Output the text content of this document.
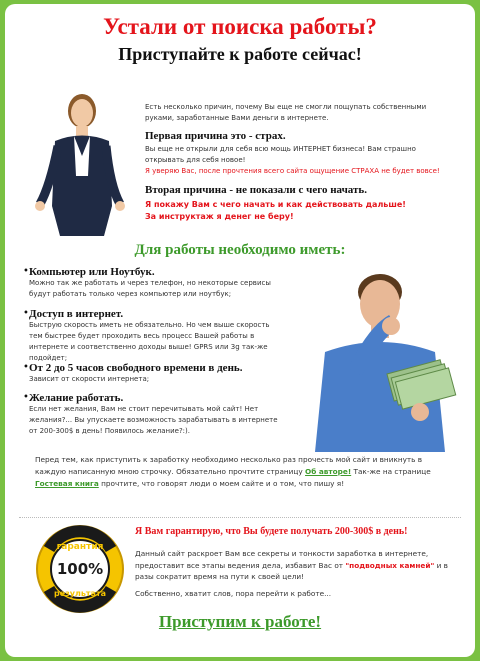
Устали от поиска работы?
Приступайте к работе сейчас!
Есть несколько причин, почему Вы еще не смогли пощупать собственными руками, заработанные Вами деньги в интернете.
Первая причина это - страх.
Вы еще не открыли для себя всю мощь ИНТЕРНЕТ бизнеса! Вам страшно открывать для себя новое!
Я уверяю Вас, после прочтения всего сайта ощущение СТРАХА не будет вовсе!
Вторая причина - не показали с чего начать.
Я покажу Вам с чего начать и как действовать дальше!
За инструктаж я денег не беру!
Для работы необходимо иметь:
• Компьютер или Ноутбук.
Можно так же работать и через телефон, но некоторые сервисы будут работать только через компьютер или ноутбук;
• Доступ в интернет.
Быструю скорость иметь не обязательно. Но чем выше скорость тем быстрее будет проходить весь процесс Вашей работы в интернете и соответственно доходы выше! GPRS или 3g так-же подойдет;
• От 2 до 5 часов свободного времени в день.
Зависит от скорости интернета;
• Желание работать.
Если нет желания, Вам не стоит перечитывать мой сайт! Нет желания?... Вы упускаете возможность зарабатывать в интернете от 200-300$ в день! Появилось желание?:).
Перед тем, как приступить к заработку необходимо несколько раз прочесть мой сайт и вникнуть в каждую написанную мною строчку. Обязательно прочтите страницу Об авторе! Так-же на странице Гостевая книга прочтите, что говорят люди о моем сайте и о том, что пишу я!
гарантия
100%
результата
Я Вам гарантирую, что Вы будете получать 200-300$ в день!
Данный сайт раскроет Вам все секреты и тонкости заработка в интернете, предоставит все этапы ведения дела, избавит Вас от "подводных камней" и в разы сократит время на пути к своей цели!
Собственно, хватит слов, пора перейти к работе...
Приступим к работе!
